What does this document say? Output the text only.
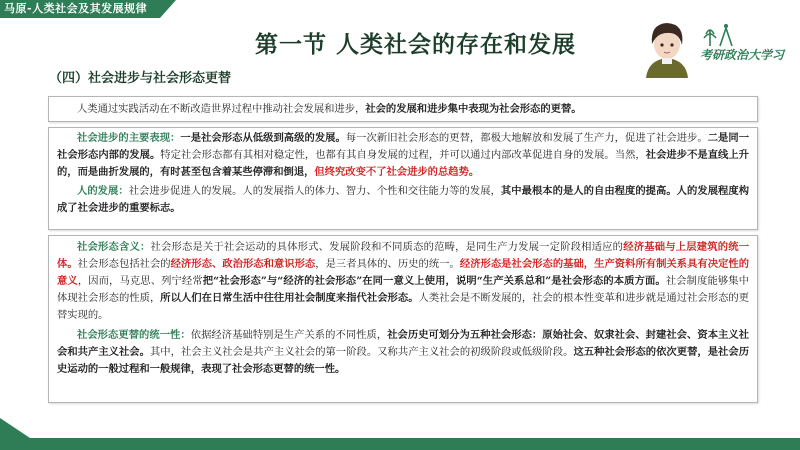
马原-人类社会及其发展规律
第一节 人类社会的存在和发展	考研政治大学习
（四）社会进步与社会形态更替
人类通过实践活动在不断改造世界过程中推动社会发展和进步，社会的发展和进步集中表现为社会形态的更替。
社会进步的主要表现：一是社会形态从低级到高级的发展。每一次新旧社会形态的更替，都极大地解放和发展了生产力，促进了社会进步。二是同一社会形态内部的发展。特定社会形态都有其相对稳定性，也都有其自身发展的过程，并可以通过内部改革促进自身的发展。当然，社会进步不是直线上升的，而是曲折发展的，有时甚至包含着某些停滞和倒退，但终究改变不了社会进步的总趋势。
人的发展：社会进步促进人的发展。人的发展指人的体力、智力、个性和交往能力等的发展，其中最根本的是人的自由程度的提高。人的发展程度构成了社会进步的重要标志。
社会形态含义：社会形态是关于社会运动的具体形式、发展阶段和不同质态的范畴，是同生产力发展一定阶段相适应的经济基础与上层建筑的统一体。社会形态包括社会的经济形态、政治形态和意识形态，是三者具体的、历史的统一。经济形态是社会形态的基础，生产资料所有制关系具有决定性的意义，因而，马克思、列宁经常把“社会形态”与“经济的社会形态”在同一意义上使用，说明“生产关系总和”是社会形态的本质方面。社会制度能够集中体现社会形态的性质，所以人们在日常生活中往往用社会制度来指代社会形态。人类社会是不断发展的，社会的根本性变革和进步就是通过社会形态的更替实现的。
社会形态更替的统一性：依据经济基础特别是生产关系的不同性质，社会历史可划分为五种社会形态：原始社会、奴隶社会、封建社会、资本主义社会和共产主义社会。其中，社会主义社会是共产主义社会的第一阶段。又称共产主义社会的初级阶段或低级阶段。这五种社会形态的依次更替，是社会历史运动的一般过程和一般规律，表现了社会形态更替的统一性。
